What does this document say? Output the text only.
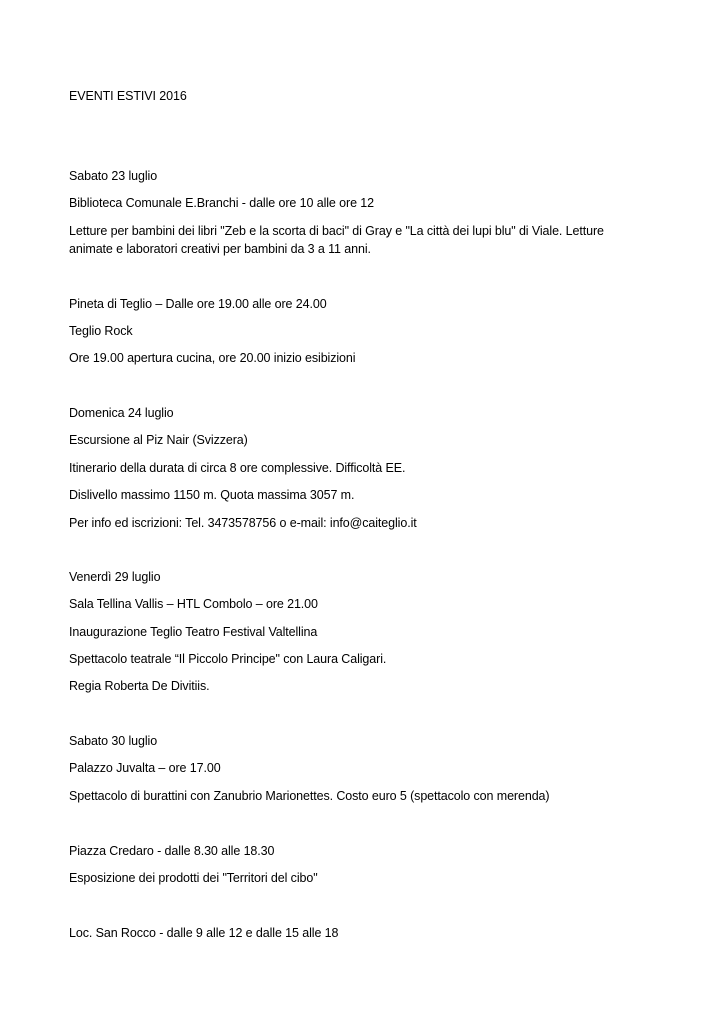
EVENTI ESTIVI 2016
Sabato 23 luglio
Biblioteca Comunale E.Branchi - dalle ore 10 alle ore 12
Letture per bambini dei libri "Zeb e la scorta di baci" di Gray e "La città dei lupi blu" di Viale. Letture animate e laboratori creativi per bambini da 3 a 11 anni.
Pineta di Teglio – Dalle ore 19.00 alle ore 24.00
Teglio Rock
Ore 19.00 apertura cucina, ore 20.00 inizio esibizioni
Domenica 24 luglio
Escursione al Piz Nair (Svizzera)
Itinerario della durata di circa 8 ore complessive. Difficoltà EE.
Dislivello massimo 1150 m. Quota massima 3057 m.
Per info ed iscrizioni: Tel. 3473578756 o e-mail: info@caiteglio.it
Venerdì 29 luglio
Sala Tellina Vallis – HTL Combolo – ore 21.00
Inaugurazione Teglio Teatro Festival Valtellina
Spettacolo teatrale “Il Piccolo Principe" con Laura Caligari.
Regia Roberta De Divitiis.
Sabato 30 luglio
Palazzo Juvalta – ore 17.00
Spettacolo di burattini con Zanubrio Marionettes. Costo euro 5 (spettacolo con merenda)
Piazza Credaro - dalle 8.30 alle 18.30
Esposizione dei prodotti dei "Territori del cibo"
Loc. San Rocco - dalle 9 alle 12 e dalle 15 alle 18
